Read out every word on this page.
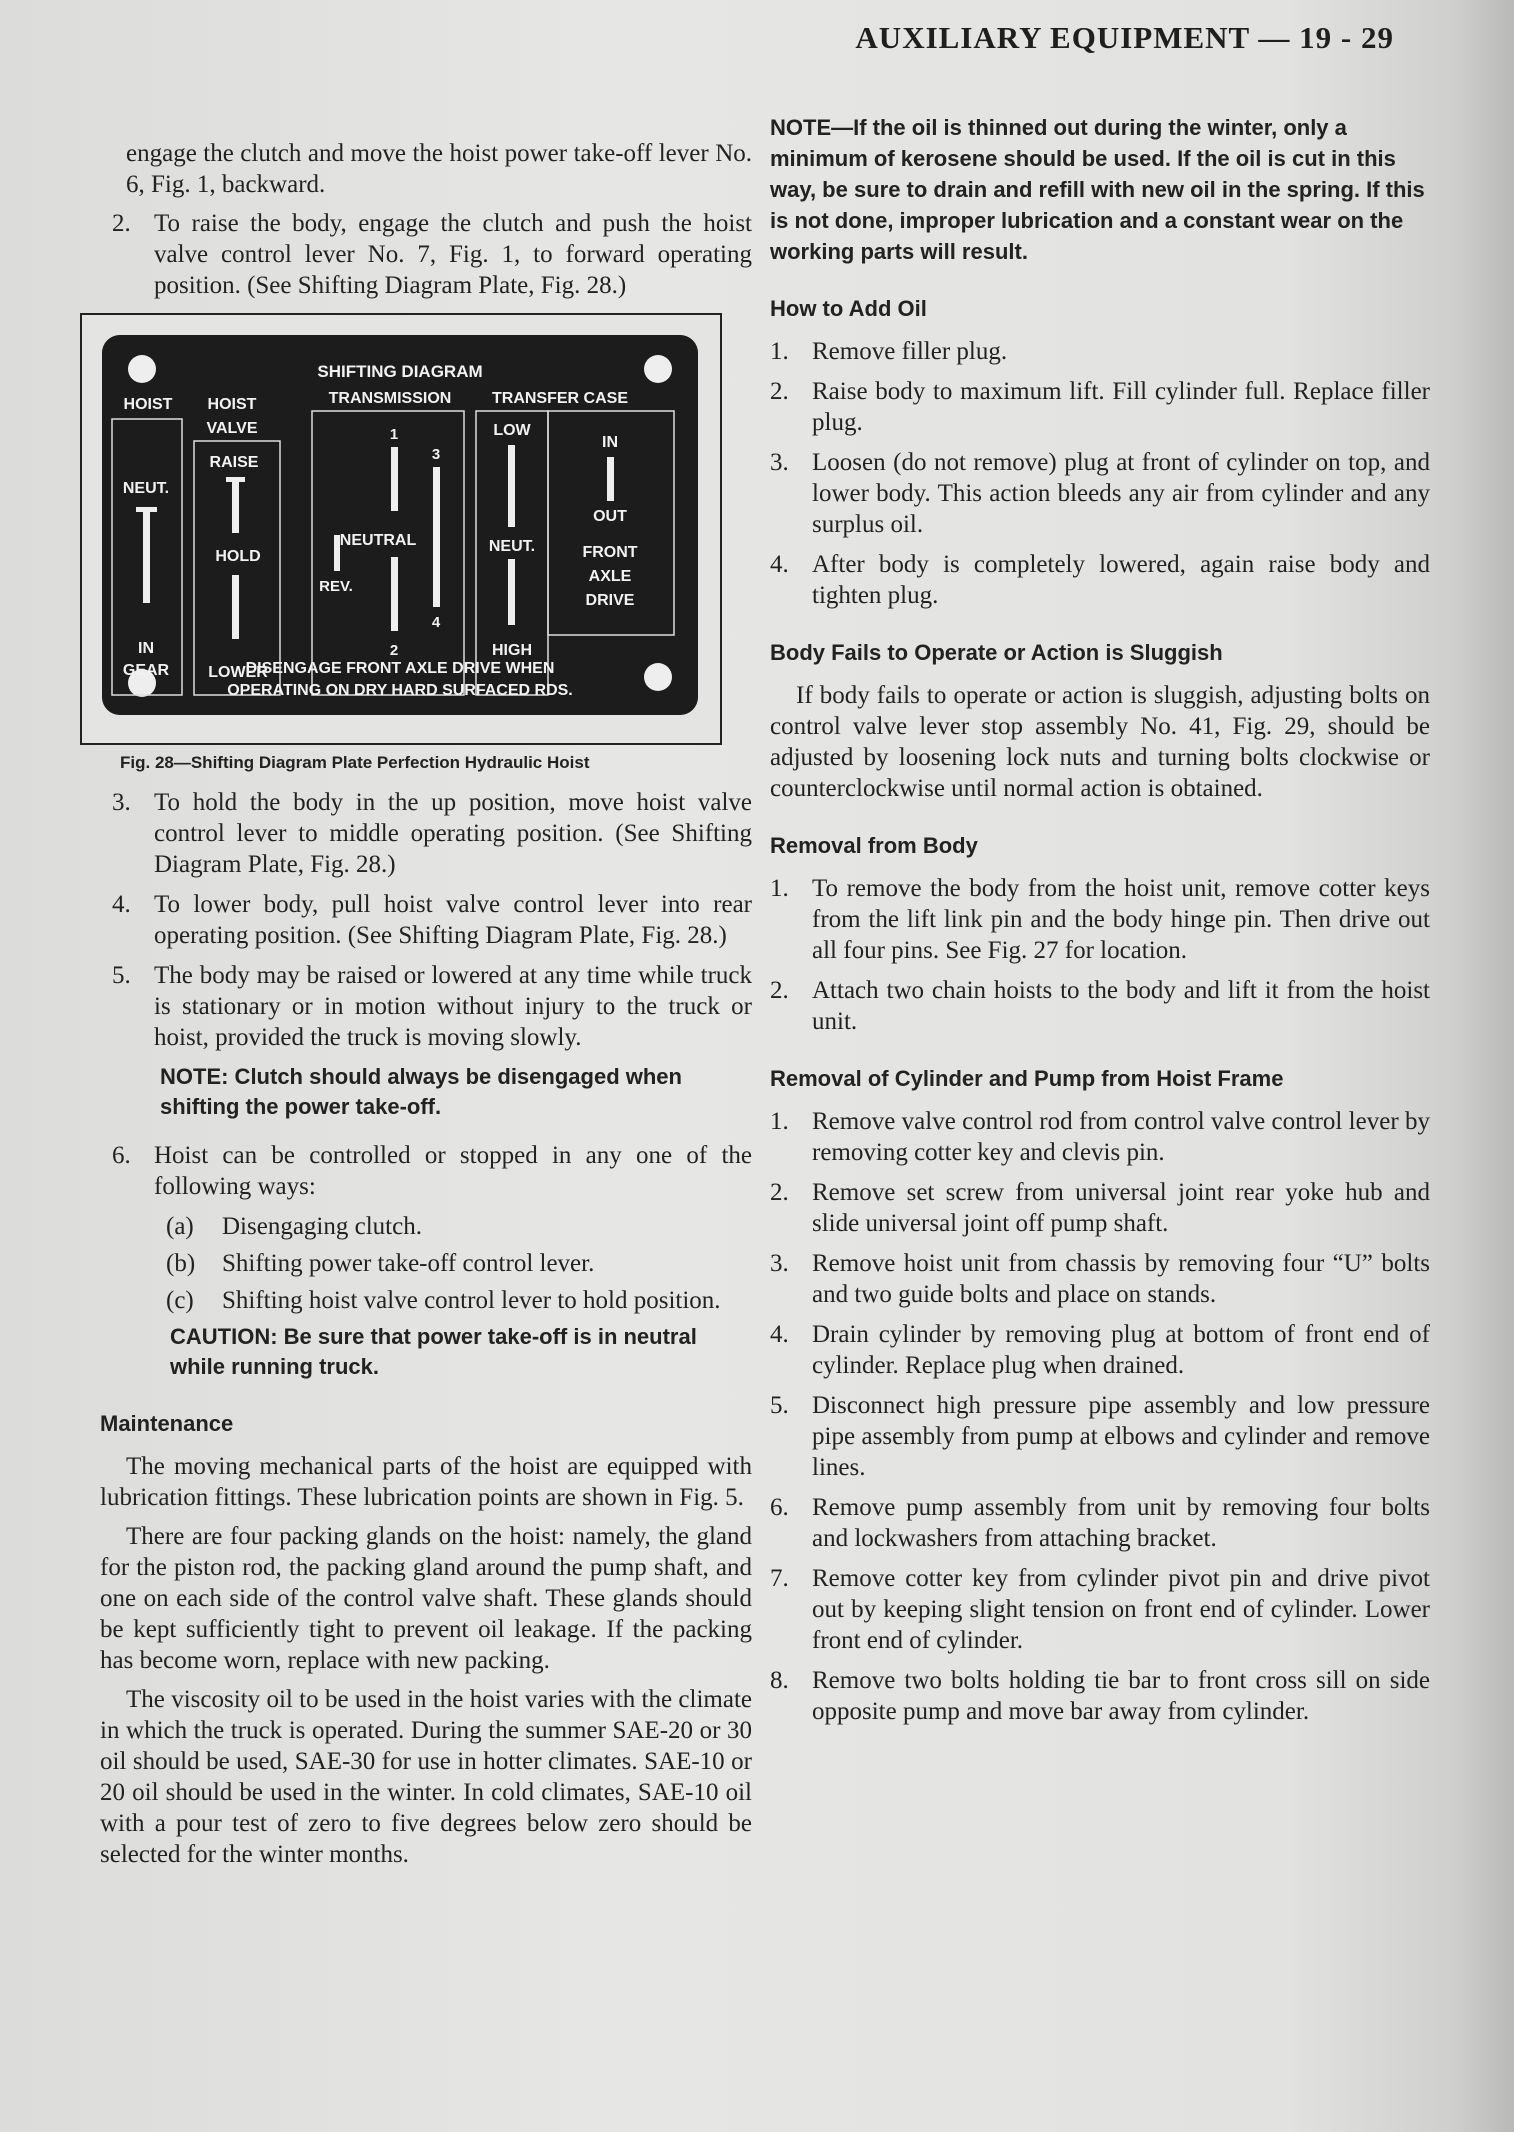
AUXILIARY EQUIPMENT — 19 - 29

engage the clutch and move the hoist power take-off lever No. 6, Fig. 1, backward.

2. To raise the body, engage the clutch and push the hoist valve control lever No. 7, Fig. 1, to forward operating position. (See Shifting Diagram Plate, Fig. 28.)
SHIFTING DIAGRAM
HOIST HOIST
VALVE
TRANSMISSION	TRANSFER CASE
NEUT.
IN
GEAR
RAISE
HOLD
LOWER
1
3
NEUTRAL
REV.
2
4
LOW
NEUT.
HIGH
IN
OUT
FRONT
AXLE
DRIVE
DISENGAGE FRONT AXLE DRIVE WHEN
OPERATING ON DRY HARD SURFACED RDS.
Fig. 28—Shifting Diagram Plate Perfection Hydraulic Hoist
3. To hold the body in the up position, move hoist valve control lever to middle operating position. (See Shifting Diagram Plate, Fig. 28.)
4. To lower body, pull hoist valve control lever into rear operating position. (See Shifting Diagram Plate, Fig. 28.)
5. The body may be raised or lowered at any time while truck is stationary or in motion without injury to the truck or hoist, provided the truck is moving slowly.
NOTE: Clutch should always be disengaged when shifting the power take-off.
6. Hoist can be controlled or stopped in any one of the following ways:
(a)	Disengaging clutch.
(b)	Shifting power take-off control lever.
(c)	Shifting hoist valve control lever to hold position.
CAUTION: Be sure that power take-off is in neutral while running truck.
Maintenance

The moving mechanical parts of the hoist are equipped with lubrication fittings. These lubrication points are shown in Fig. 5.

There are four packing glands on the hoist: namely, the gland for the piston rod, the packing gland around the pump shaft, and one on each side of the control valve shaft. These glands should be kept sufficiently tight to prevent oil leakage. If the packing has become worn, replace with new packing.

The viscosity oil to be used in the hoist varies with the climate in which the truck is operated. During the summer SAE-20 or 30 oil should be used, SAE-30 for use in hotter climates. SAE-10 or 20 oil should be used in the winter. In cold climates, SAE-10 oil with a pour test of zero to five degrees below zero should be selected for the winter months.

NOTE—If the oil is thinned out during the winter, only a minimum of kerosene should be used. If the oil is cut in this way, be sure to drain and refill with new oil in the spring. If this is not done, improper lubrication and a constant wear on the working parts will result.
How to Add Oil
1. Remove filler plug.
2. Raise body to maximum lift. Fill cylinder full. Replace filler plug.
3. Loosen (do not remove) plug at front of cylinder on top, and lower body. This action bleeds any air from cylinder and any surplus oil.
4. After body is completely lowered, again raise body and tighten plug.
Body Fails to Operate or Action is Sluggish

If body fails to operate or action is sluggish, adjusting bolts on control valve lever stop assembly No. 41, Fig. 29, should be adjusted by loosening lock nuts and turning bolts clockwise or counterclockwise until normal action is obtained.

Removal from Body
1. To remove the body from the hoist unit, remove cotter keys from the lift link pin and the body hinge pin. Then drive out all four pins. See Fig. 27 for location.
2. Attach two chain hoists to the body and lift it from the hoist unit.
Removal of Cylinder and Pump from Hoist Frame
1. Remove valve control rod from control valve control lever by removing cotter key and clevis pin.
2. Remove set screw from universal joint rear yoke hub and slide universal joint off pump shaft.
3. Remove hoist unit from chassis by removing four “U” bolts and two guide bolts and place on stands.
4. Drain cylinder by removing plug at bottom of front end of cylinder. Replace plug when drained.
5. Disconnect high pressure pipe assembly and low pressure pipe assembly from pump at elbows and cylinder and remove lines.
6. Remove pump assembly from unit by removing four bolts and lockwashers from attaching bracket.
7. Remove cotter key from cylinder pivot pin and drive pivot out by keeping slight tension on front end of cylinder. Lower front end of cylinder.
8. Remove two bolts holding tie bar to front cross sill on side opposite pump and move bar away from cylinder.
